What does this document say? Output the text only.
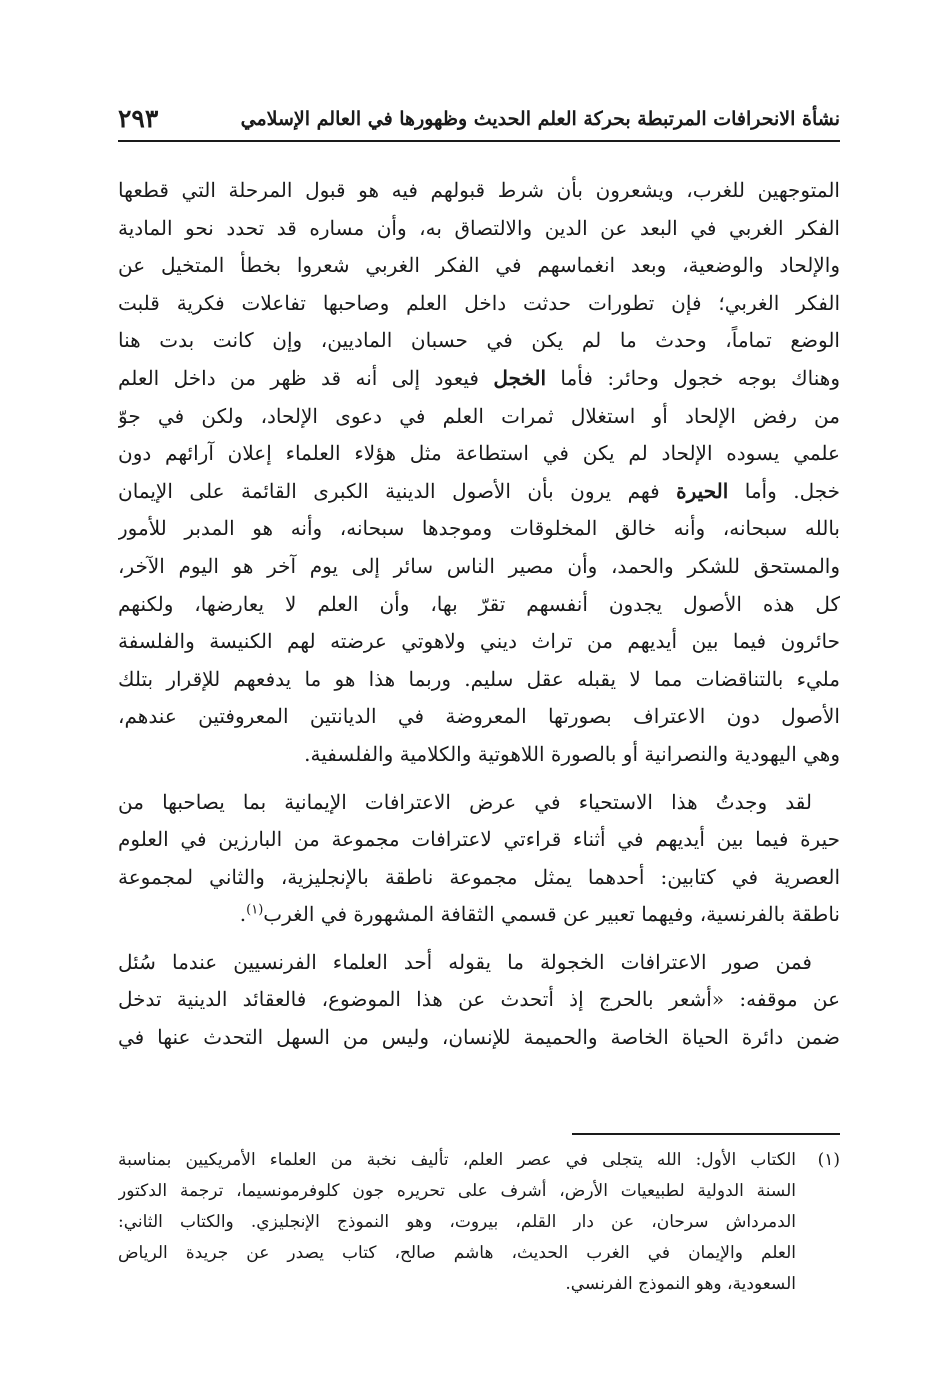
نشأة الانحرافات المرتبطة بحركة العلم الحديث وظهورها في العالم الإسلامي
٢٩٣
المتوجهين للغرب، ويشعرون بأن شرط قبولهم فيه هو قبول المرحلة التي قطعها
الفكر الغربي في البعد عن الدين والالتصاق به، وأن مساره قد تحدد نحو المادية
والإلحاد والوضعية، وبعد انغماسهم في الفكر الغربي شعروا بخطأ المتخيل عن
الفكر الغربي؛ فإن تطورات حدثت داخل العلم وصاحبها تفاعلات فكرية قلبت
الوضع تماماً، وحدث ما لم يكن في حسبان الماديين، وإن كانت بدت هنا
وهناك بوجه خجول وحائر: فأما الخجل فيعود إلى أنه قد ظهر من داخل العلم
من رفض الإلحاد أو استغلال ثمرات العلم في دعوى الإلحاد، ولكن في جوّ
علمي يسوده الإلحاد لم يكن في استطاعة مثل هؤلاء العلماء إعلان آرائهم دون
خجل. وأما الحيرة فهم يرون بأن الأصول الدينية الكبرى القائمة على الإيمان
بالله سبحانه، وأنه خالق المخلوقات وموجدها سبحانه، وأنه هو المدبر للأمور
والمستحق للشكر والحمد، وأن مصير الناس سائر إلى يوم آخر هو اليوم الآخر،
كل هذه الأصول يجدون أنفسهم تقرّ بها، وأن العلم لا يعارضها، ولكنهم
حائرون فيما بين أيديهم من تراث ديني ولاهوتي عرضته لهم الكنيسة والفلسفة
مليء بالتناقضات مما لا يقبله عقل سليم. وربما هذا هو ما يدفعهم للإقرار بتلك
الأصول دون الاعتراف بصورتها المعروضة في الديانتين المعروفتين عندهم،
وهي اليهودية والنصرانية أو بالصورة اللاهوتية والكلامية والفلسفية.
لقد وجدتُ هذا الاستحياء في عرض الاعترافات الإيمانية بما يصاحبها من
حيرة فيما بين أيديهم في أثناء قراءتي لاعترافات مجموعة من البارزين في العلوم
العصرية في كتابين: أحدهما يمثل مجموعة ناطقة بالإنجليزية، والثاني لمجموعة
ناطقة بالفرنسية، وفيهما تعبير عن قسمي الثقافة المشهورة في الغرب$^{(١)}$.
فمن صور الاعترافات الخجولة ما يقوله أحد العلماء الفرنسيين عندما سُئل
عن موقفه: «أشعر بالحرج إذ أتحدث عن هذا الموضوع، فالعقائد الدينية تدخل
ضمن دائرة الحياة الخاصة والحميمة للإنسان، وليس من السهل التحدث عنها في
(١)
الكتاب الأول: الله يتجلى في عصر العلم، تأليف نخبة من العلماء الأمريكيين بمناسبة
السنة الدولية لطبيعيات الأرض، أشرف على تحريره جون كلوفرمونسيما، ترجمة الدكتور
الدمرداش سرحان، عن دار القلم، بيروت، وهو النموذج الإنجليزي. والكتاب الثاني:
العلم والإيمان في الغرب الحديث، هاشم صالح، كتاب يصدر عن جريدة الرياض
السعودية، وهو النموذج الفرنسي.
